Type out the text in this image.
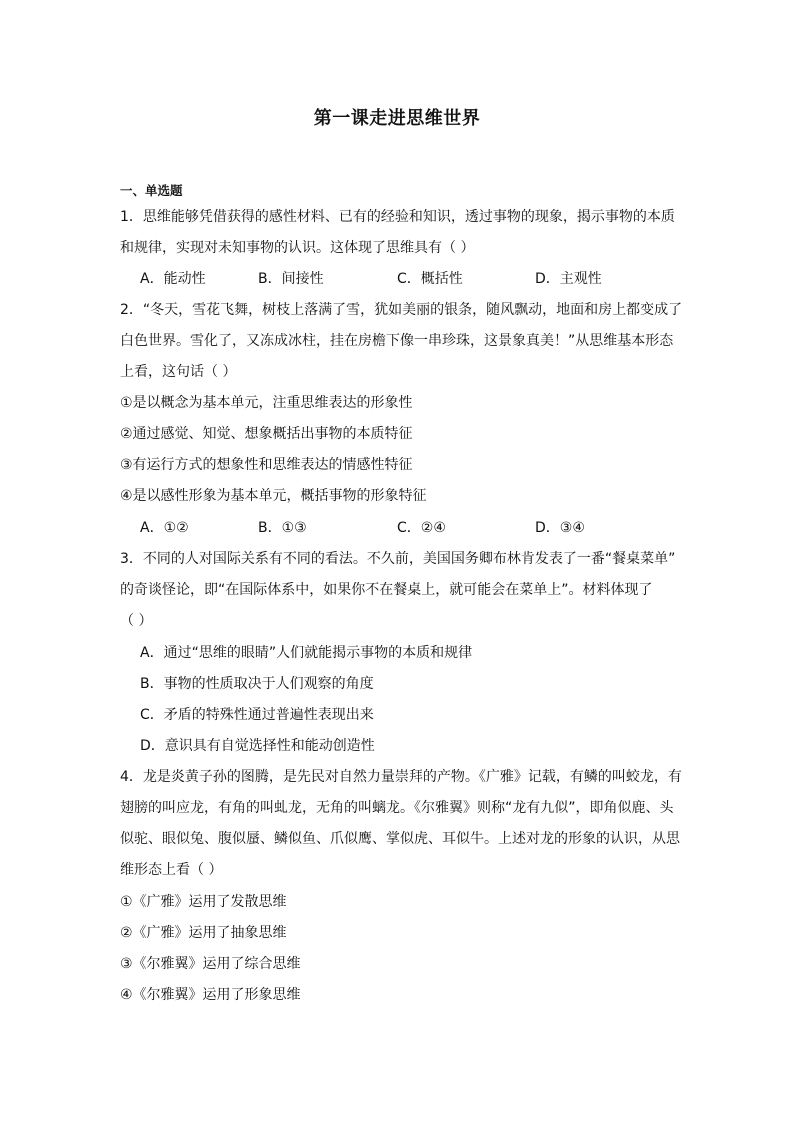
第一课走进思维世界
一、单选题
1．思维能够凭借获得的感性材料、已有的经验和知识，透过事物的现象，揭示事物的本质
和规律，实现对未知事物的认识。这体现了思维具有（ ）
A．能动性	B．间接性	C．概括性	D．主观性
2．“冬天，雪花飞舞，树枝上落满了雪，犹如美丽的银条，随风飘动，地面和房上都变成了
白色世界。雪化了，又冻成冰柱，挂在房檐下像一串珍珠，这景象真美！”从思维基本形态
上看，这句话（ ）
①是以概念为基本单元，注重思维表达的形象性
②通过感觉、知觉、想象概括出事物的本质特征
③有运行方式的想象性和思维表达的情感性特征
④是以感性形象为基本单元，概括事物的形象特征
A．①②	B．①③	C．②④	D．③④
3．不同的人对国际关系有不同的看法。不久前，美国国务卿布林肯发表了一番“餐桌菜单”
的奇谈怪论，即“在国际体系中，如果你不在餐桌上，就可能会在菜单上”。材料体现了
（ ）
A．通过“思维的眼睛”人们就能揭示事物的本质和规律
B．事物的性质取决于人们观察的角度
C．矛盾的特殊性通过普遍性表现出来
D．意识具有自觉选择性和能动创造性
4．龙是炎黄子孙的图腾，是先民对自然力量崇拜的产物。《广雅》记载，有鳞的叫蛟龙，有
翅膀的叫应龙，有角的叫虬龙，无角的叫螭龙。《尔雅翼》则称“龙有九似”，即角似鹿、头
似驼、眼似兔、腹似蜃、鳞似鱼、爪似鹰、掌似虎、耳似牛。上述对龙的形象的认识，从思
维形态上看（ ）
①《广雅》运用了发散思维
②《广雅》运用了抽象思维
③《尔雅翼》运用了综合思维
④《尔雅翼》运用了形象思维
